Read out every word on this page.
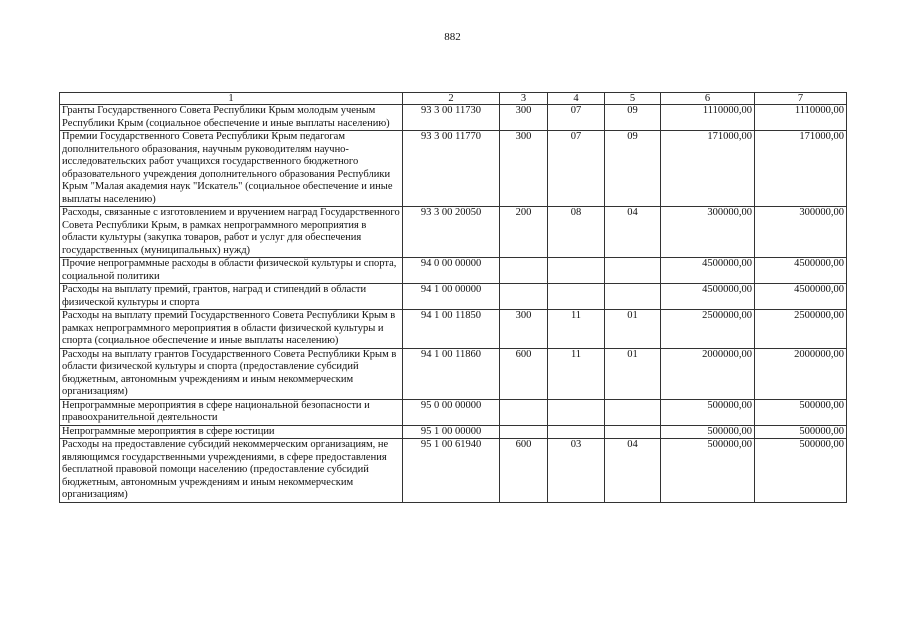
882
1	2	3	4	5	6	7
Гранты Государственного Совета Республики Крым молодым ученым Республики Крым (социальное обеспечение и иные выплаты населению)	93 3 00 11730	300	07	09	1110000,00	1110000,00
Премии Государственного Совета Республики Крым педагогам дополнительного образования, научным руководителям научно-исследовательских работ учащихся государственного бюджетного образовательного учреждения дополнительного образования Республики Крым "Малая академия наук "Искатель" (социальное обеспечение и иные выплаты населению)	93 3 00 11770	300	07	09	171000,00	171000,00
Расходы, связанные с изготовлением и вручением наград Государственного Совета Республики Крым, в рамках непрограммного мероприятия в области культуры (закупка товаров, работ и услуг для обеспечения государственных (муниципальных) нужд)	93 3 00 20050	200	08	04	300000,00	300000,00
Прочие непрограммные расходы в области физической культуры и спорта, социальной политики	94 0 00 00000				4500000,00	4500000,00
Расходы на выплату премий, грантов, наград и стипендий в области физической культуры и спорта	94 1 00 00000				4500000,00	4500000,00
Расходы на выплату премий Государственного Совета Республики Крым в рамках непрограммного мероприятия в области физической культуры и спорта (социальное обеспечение и иные выплаты населению)	94 1 00 11850	300	11	01	2500000,00	2500000,00
Расходы на выплату грантов Государственного Совета Республики Крым в области физической культуры и спорта (предоставление субсидий бюджетным, автономным учреждениям и иным некоммерческим организациям)	94 1 00 11860	600	11	01	2000000,00	2000000,00
Непрограммные мероприятия в сфере национальной безопасности и правоохранительной деятельности	95 0 00 00000				500000,00	500000,00
Непрограммные мероприятия в сфере юстиции	95 1 00 00000				500000,00	500000,00
Расходы на предоставление субсидий некоммерческим организациям, не являющимся государственными учреждениями, в сфере предоставления бесплатной правовой помощи населению (предоставление субсидий бюджетным, автономным учреждениям и иным некоммерческим организациям)	95 1 00 61940	600	03	04	500000,00	500000,00
